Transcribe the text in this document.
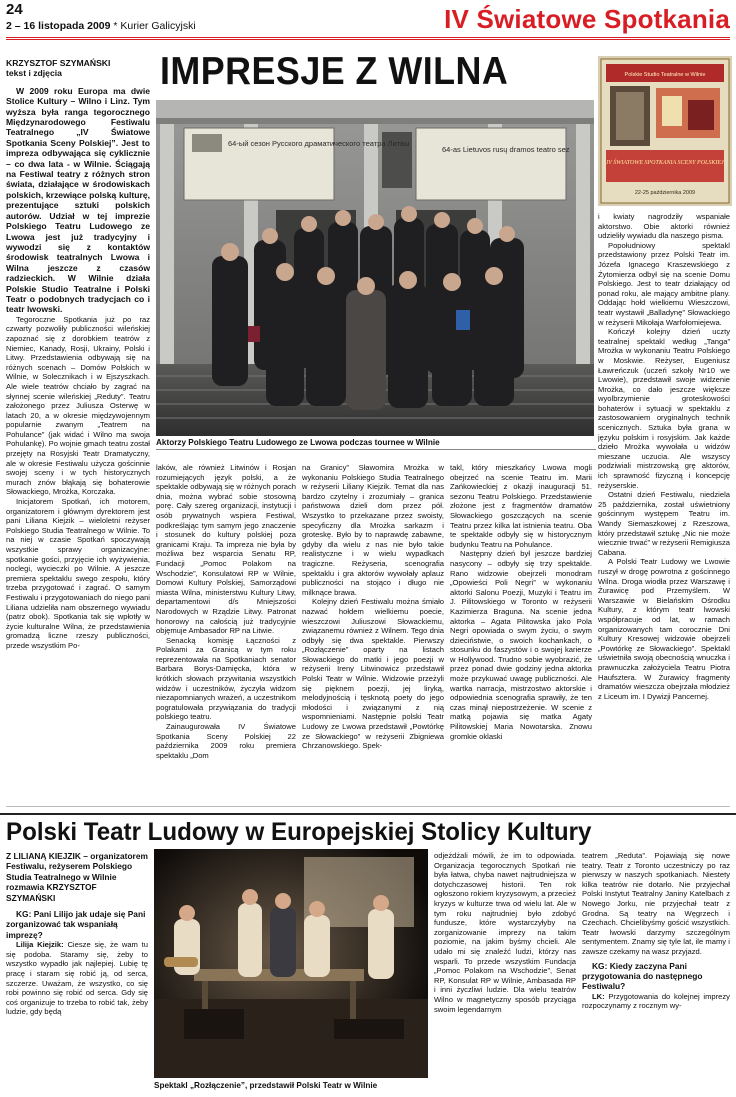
24
2 – 16 listopada 2009 * Kurier Galicyjski	IV Światowe Spotkania
IMPRESJE Z WILNA
KRZYSZTOF SZYMAŃSKI
tekst i zdjęcia

W 2009 roku Europa ma dwie Stolice Kultury – Wilno i Linz. Tym wyższa była ranga tegorocznego Międzynarodowego Festiwalu Teatralnego „IV Światowe Spotkania Sceny Polskiej”. Jest to impreza odbywająca się cyklicznie – co dwa lata - w Wilnie. Ściągają na Festiwal teatry z różnych stron świata, działające w środowiskach polskich, krzewiące polską kulturę, prezentujące sztuki polskich autorów. Udział w tej imprezie Polskiego Teatru Ludowego ze Lwowa jest już tradycyjny i wywodzi się z kontaktów środowisk teatralnych Lwowa i Wilna jeszcze z czasów radzieckich. W Wilnie działa Polskie Studio Teatralne i Polski Teatr o podobnych tradycjach co i teatr lwowski.

Tegoroczne Spotkania już po raz czwarty pozwoliły publiczności wileńskiej zapoznać się z dorobkiem teatrów z Niemiec, Kanady, Rosji, Ukrainy, Polski i Litwy. Przedstawienia odbywają się na różnych scenach – Domów Polskich w Wilnie, w Solecznikach i w Ejszyszkach. Ale wiele teatrów chciało by zagrać na słynnej scenie wileńskiej „Reduty”. Teatru założonego przez Juliusza Osterwę w latach 20, a w okresie międzywojennym popularnie zwanym „Teatrem na Pohulance” (jak widać i Wilno ma swoja Pohulankę). Po wojnie gmach teatru został przejęty na Rosyjski Teatr Dramatyczny, ale w okresie Festiwalu użycza gościnnie swojej sceny i w tych historycznych murach znów błąkają się bohaterowie Słowackiego, Mrożka, Korczaka.

Inicjatorem Spotkań, ich motorem, organizatorem i głównym dyrektorem jest pani Liliana Kiejzik – wieloletni reżyser Polskiego Studia Teatralnego w Wilnie. To na niej w czasie Spotkań spoczywają wszystkie sprawy organizacyjne: spotkanie gości, przyjęcie ich wyżywienia, noclegi, wycieczki po Wilnie. A jeszcze premiera spektaklu swego zespołu, który trzeba przygotować i zagrać. O samym Festiwalu i przygotowaniach do niego pani Liliana udzieliła nam obszernego wywiadu (patrz obok). Spotkania tak się wpłotły w życie kulturalne Wilna, że przedstawienia gromadzą liczne rzeszy publiczności, przede wszystkim Po-

64-ый сезон Русского драматического театра Литвы
64-as Lietuvos rusų dramos teatro sez
Aktorzy Polskiego Teatru Ludowego ze Lwowa podczas tournee w Wilnie
Polskie Studio Teatralne w Wilnie
IV ŚWIATOWE SPOTKANIA SCENY POLSKIEJ
22-25 października 2009

laków, ale również Litwinów i Rosjan rozumiejących język polski, a że spektakle odbywają się w różnych porach dnia, można wybrać sobie stosowną porę. Cały szereg organizacji, instytucji i osób prywatnych wspiera Festiwal, podkreślając tym samym jego znaczenie i stosunek do kultury polskiej poza granicami Kraju. Ta impreza nie była by możliwa bez wsparcia Senatu RP, Fundacji „Pomoc Polakom na Wschodzie”, Konsulatowi RP w Wilnie, Domowi Kultury Polskiej, Samorządowi miasta Wilna, ministerstwu Kultury Litwy, departamentowi d/s Mniejszości Narodowych w Rządzie Litwy. Patronat honorowy na całością już tradycyjnie objęmuje Ambasador RP na Litwie.

Senacką komisję Łączności z Polakami za Granicą w tym roku reprezentowała na Spotkaniach senator Barbara Borys-Damięcka, która w krótkich słowach przywitania wszystkich widzów i uczestników, życzyła widzom niezapomnianych wrażeń, a uczestnikom pogratulowała przywiązania do tradycji polskiego teatru.

Zainaugurowała IV Światowe Spotkania Sceny Polskiej 22 października 2009 roku premiera spektaklu „Dom

na Granicy” Sławomira Mrożka w wykonaniu Polskiego Studia Teatralnego w reżyserii Liliany Kiejzik. Temat dla nas bardzo czytelny i zrozumiały – granica państwowa dzieli dom przez pół. Wszystko to przekazane przez swoisty, specyficzny dla Mrożka sarkazm i groteskę. Było by to naprawdę zabawne, gdyby dla wielu z nas nie było takie realistyczne i w wielu wypadkach tragiczne. Reżyseria, scenografia spektaklu i gra aktorów wywołały aplauz publiczności na stojąco i długo nie milknące brawa.

Kolejny dzień Festiwalu można śmiało nazwać hołdem wielkiemu poecie, wieszczowi Juliuszowi Słowackiemu, związanemu również z Wilnem. Tego dnia odbyły się dwa spektakle. Pierwszy „Rozłączenie” oparty na listach Słowackiego do matki i jego poezji w reżyserii Ireny Litwinowicz przedstawił Polski Teatr w Wilnie. Widzowie przeżyli się pięknem poezji, jej liryką, melodyjnością i tęsknotą poety do jego młodości i związanymi z nią wspomnieniami. Następnie polski Teatr Ludowy ze Lwowa przedstawił „Powtórkę ze Słowackiego” w reżyserii Zbigniewa Chrzanowskiego. Spek-

takl, który mieszkańcy Lwowa mogli obejrzeć na scenie Teatru im. Marii Zańkowieckiej z okazji inauguracji 51. sezonu Teatru Polskiego. Przedstawienie złożone jest z fragmentów dramatów Słowackiego goszczących na scenie Teatru przez kilka lat istnienia teatru. Oba te spektakle odbyły się w historycznym budynku Teatru na Pohulance.

Następny dzień był jeszcze bardziej nasycony – odbyły się trzy spektakle. Rano widzowie obejrzeli monodram „Opowieści Poli Negri” w wykonaniu aktorki Salonu Poezji, Muzyki i Teatru im J. Pilitowskiego w Toronto w reżyserii Kazimierza Braguna. Na scenie jedna aktorka – Agata Pilitowska jako Pola Negri opowiada o swym życiu, o swym dzieciństwie, o swoich kochankach, o stosunku do faszystów i o swojej karierze w Hollywood. Trudno sobie wyobrazić, że przez ponad dwie godziny jedna aktorka może przykuwać uwagę publiczności. Ale wartka narracja, mistrzostwo aktorskie i odpowiednia scenografia sprawiły, że ten czas minął niepostrzeżenie. W scenie z matką pojawia się matka Agaty Pilitowskiej Maria Nowotarska. Znowu gromkie oklaski

i kwiaty nagrodziły wspaniałe aktorstwo. Obie aktorki również udzieliły wywiadu dla naszego pisma.

Popołudniowy spektakl przedstawiony przez Polski Teatr im. Józefa Ignacego Kraszewskiego z Żytomierza odbył się na scenie Domu Polskiego. Jest to teatr działający od ponad roku, ale mający ambitne plany. Oddając hołd wielkiemu Wieszczowi, teatr wystawił „Balladynę” Słowackiego w reżyserii Mikołaja Warfołomiejewa.

Kończył kolejny dzień uczty teatralnej spektakl według „Tanga” Mrożka w wykonaniu Teatru Polskiego w Moskwie. Reżyser, Eugeniusz Ławreńczuk (uczeń szkoły Nr10 we Lwowie), przedstawił swoje widzenie Mrożka, co dało jeszcze większe wyolbrzymienie groteskowości bohaterów i sytuacji w spektaklu z zastosowaniem oryginalnych technik scenicznych. Sztuka była grana w języku polskim i rosyjskim. Jak każde dzieło Mrożka wywołała u widzów mieszane uczucia. Ale wszyscy podziwiali mistrzowską grę aktorów, ich sprawność fizyczną i koncepcję reżyserskie.

Ostatni dzień Festiwalu, niedziela 25 października, został uświetniony gościnnym występem Teatru im. Wandy Siemaszkowej z Rzeszowa, który przedstawił sztukę „Nic nie może wiecznie trwać” w reżyserii Remigiusza Cabana.

A Polski Teatr Ludowy we Lwowie ruszył w drogę powrotna z gościnnego Wilna. Droga wiodła przez Warszawę i Żurawicę pod Przemyślem. W Warszawie w Bielańskim Ośrodku Kultury, z którym teatr lwowski współpracuje od lat, w ramach organizowanych tam corocznie Dni Kultury Kresowej widzowie obejrzeli „Powtórkę ze Słowackiego”. Spektakl uświetniła swoją obecnością wnuczka i prawnuczka założyciela Teatru Piotra Haufsztera. W Żurawicy fragmenty dramatów wieszcza obejrzała młodzież z Liceum im. I Dywizji Pancernej.

Polski Teatr Ludowy w Europejskiej Stolicy Kultury
Z LILIANĄ KIEJZIK – organizatorem Festiwalu, reżyserem Polskiego Studia Teatralnego w Wilnie rozmawia KRZYSZTOF SZYMAŃSKI

KG: Pani Lilijo jak udaje się Pani zorganizować tak wspaniałą imprezę?

Lilija Kiejzik: Ciesze się, że wam tu się podoba. Staramy się, żeby to wszystko wypadło jak najlepiej. Lubię tę pracę i staram się robić ją, od serca, szczerze. Uważam, że wszystko, co się robi powinno się robić od serca. Gdy się coś organizuje to trzeba to robić tak, żeby ludzie, gdy będą

Spektakl „Rozłączenie”, przedstawił Polski Teatr w Wilnie

odjeżdżali mówili, że im to odpowiada. Organizacja tegorocznych Spotkań nie była łatwa, chyba nawet najtrudniejsza w dotychczasowej historii. Ten rok ogłoszono rokiem kryzysowym, a przecież kryzys w kulturze trwa od wielu lat. Ale w tym roku najtrudniej było zdobyć fundusze, które wystarczyłyby na zorganizowanie imprezy na takim poziomie, na jakim byśmy chcieli. Ale udało mi się znaleźć ludzi, którzy nas wsparli. To przede wszystkim Fundacja „Pomoc Polakom na Wschodzie”, Senat RP, Konsulat RP w Wilnie, Ambasada RP i inni życzliwi ludzie. Dla wielu teatrów Wilno w magnetyczny sposób przyciąga swoim legendarnym

teatrem „Reduta”. Pojawiają się nowe teatry. Teatr z Toronto uczestniczy po raz pierwszy w naszych spotkaniach. Niestety kilka teatrów nie dotarło. Nie przyjechał Polski Instytut Teatralny Janiny Katelbach z Nowego Jorku, nie przyjechał teatr z Grodna. Są teatry na Węgrzech i Czechach. Chcielibyśmy gościć wszystkich. Teatr lwowski darzymy szczególnym sentymentem. Znamy się tyle lat, ile mamy i zawsze czekamy na wasz przyjazd.

KG: Kiedy zaczyna Pani przygotowania do następnego Festiwalu?

LK: Przygotowania do kolejnej imprezy rozpoczynamy z rocznym wy-
